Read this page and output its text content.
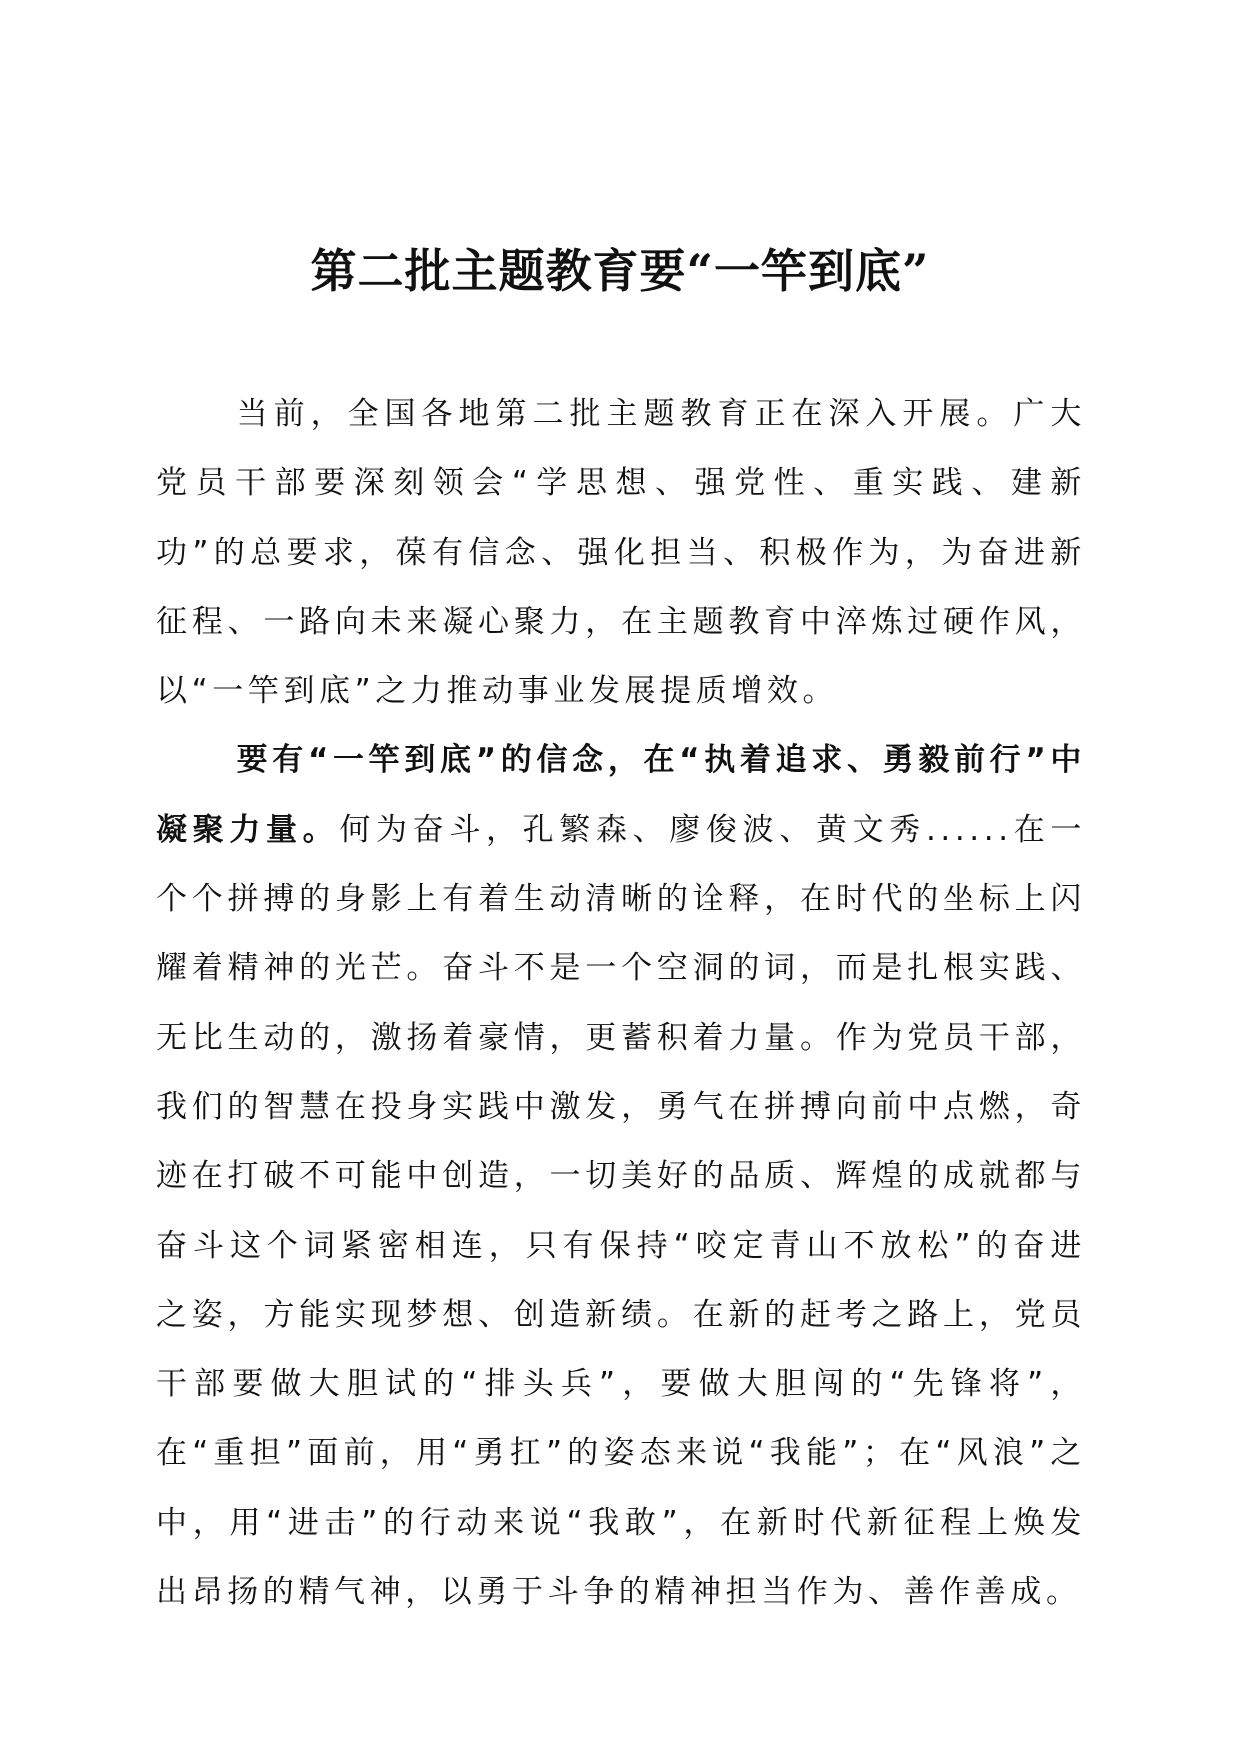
第二批主题教育要“一竿到底”

当前，全国各地第二批主题教育正在深入开展。广大党员干部要深刻领会“学思想、强党性、重实践、建新功”的总要求，葆有信念、强化担当、积极作为，为奋进新征程、一路向未来凝心聚力，在主题教育中淬炼过硬作风，以“一竿到底”之力推动事业发展提质增效。

要有“一竿到底”的信念，在“执着追求、勇毅前行”中凝聚力量。何为奋斗，孔繁森、廖俊波、黄文秀......在一个个拼搏的身影上有着生动清晰的诠释，在时代的坐标上闪耀着精神的光芒。奋斗不是一个空洞的词，而是扎根实践、无比生动的，激扬着豪情，更蓄积着力量。作为党员干部，我们的智慧在投身实践中激发，勇气在拼搏向前中点燃，奇迹在打破不可能中创造，一切美好的品质、辉煌的成就都与奋斗这个词紧密相连，只有保持“咬定青山不放松”的奋进之姿，方能实现梦想、创造新绩。在新的赶考之路上，党员干部要做大胆试的“排头兵”，要做大胆闯的“先锋将”，在“重担”面前，用“勇扛”的姿态来说“我能”；在“风浪”之中，用“进击”的行动来说“我敢”，在新时代新征程上焕发出昂扬的精气神，以勇于斗争的精神担当作为、善作善成。
